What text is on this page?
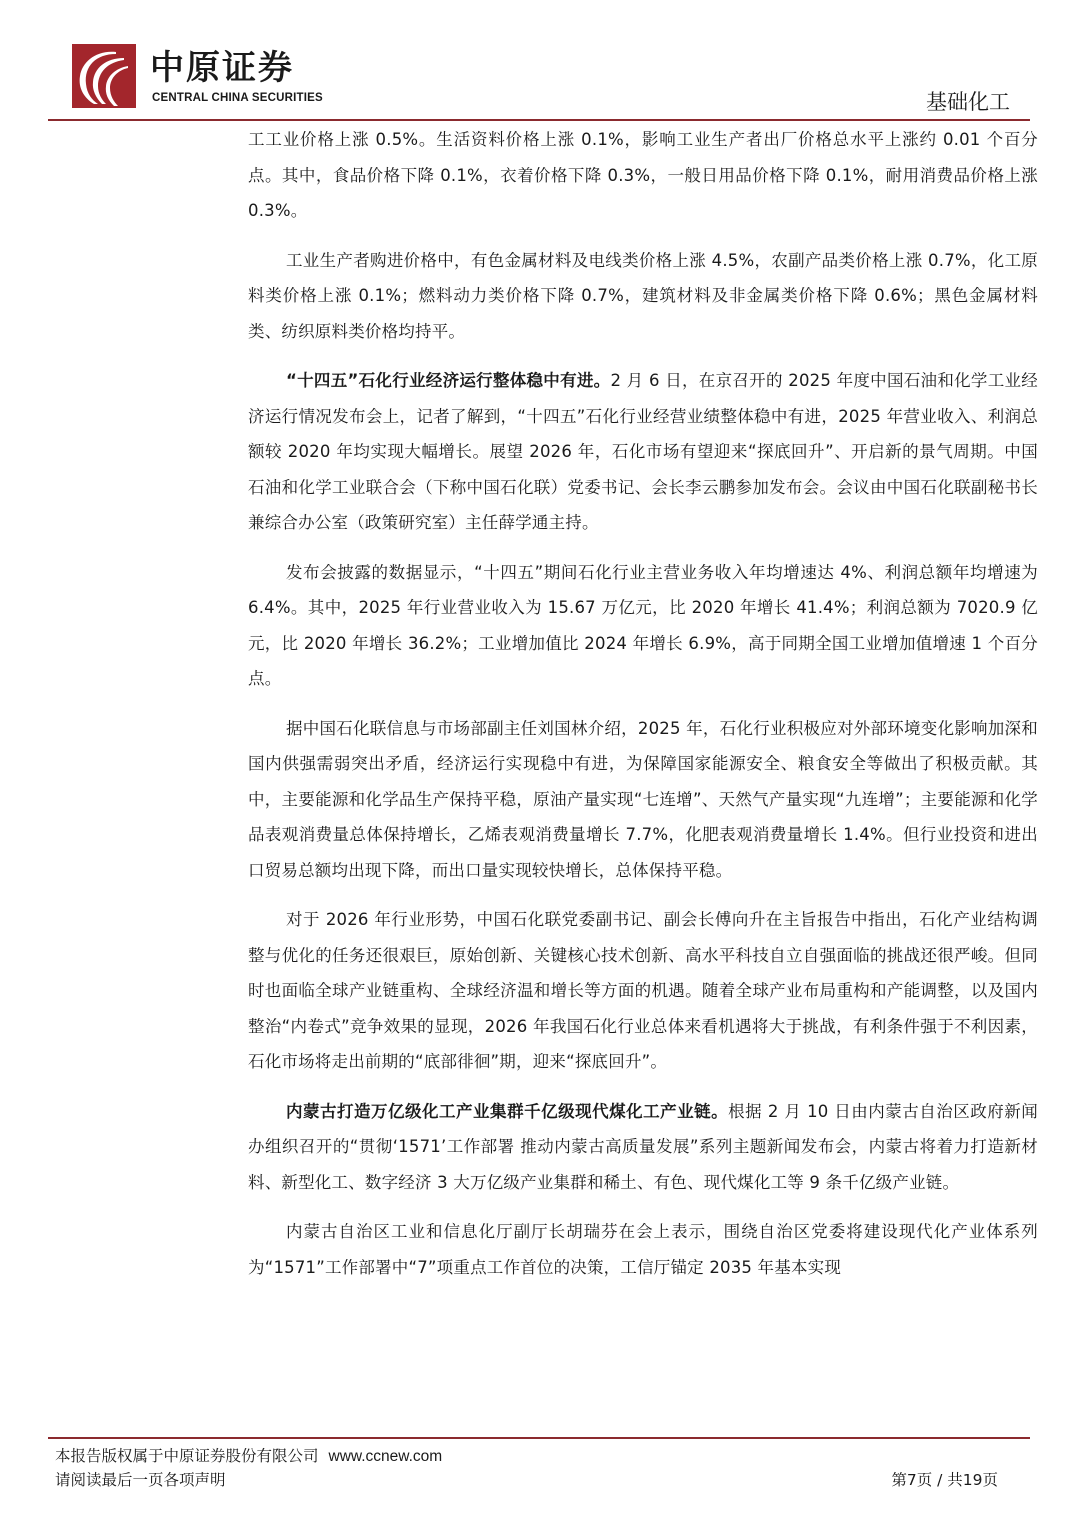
中原证券
CENTRAL CHINA SECURITIES	基础化工

工工业价格上涨 0.5%。生活资料价格上涨 0.1%，影响工业生产者出厂价格总水平上涨约 0.01 个百分点。其中，食品价格下降 0.1%，衣着价格下降 0.3%，一般日用品价格下降 0.1%，耐用消费品价格上涨 0.3%。

工业生产者购进价格中，有色金属材料及电线类价格上涨 4.5%，农副产品类价格上涨 0.7%，化工原料类价格上涨 0.1%；燃料动力类价格下降 0.7%，建筑材料及非金属类价格下降 0.6%；黑色金属材料类、纺织原料类价格均持平。

“十四五”石化行业经济运行整体稳中有进。2 月 6 日，在京召开的 2025 年度中国石油和化学工业经济运行情况发布会上，记者了解到，“十四五”石化行业经营业绩整体稳中有进，2025 年营业收入、利润总额较 2020 年均实现大幅增长。展望 2026 年，石化市场有望迎来“探底回升”、开启新的景气周期。中国石油和化学工业联合会（下称中国石化联）党委书记、会长李云鹏参加发布会。会议由中国石化联副秘书长兼综合办公室（政策研究室）主任薛学通主持。

发布会披露的数据显示，“十四五”期间石化行业主营业务收入年均增速达 4%、利润总额年均增速为 6.4%。其中，2025 年行业营业收入为 15.67 万亿元，比 2020 年增长 41.4%；利润总额为 7020.9 亿元，比 2020 年增长 36.2%；工业增加值比 2024 年增长 6.9%，高于同期全国工业增加值增速 1 个百分点。

据中国石化联信息与市场部副主任刘国林介绍，2025 年，石化行业积极应对外部环境变化影响加深和国内供强需弱突出矛盾，经济运行实现稳中有进，为保障国家能源安全、粮食安全等做出了积极贡献。其中，主要能源和化学品生产保持平稳，原油产量实现“七连增”、天然气产量实现“九连增”；主要能源和化学品表观消费量总体保持增长，乙烯表观消费量增长 7.7%，化肥表观消费量增长 1.4%。但行业投资和进出口贸易总额均出现下降，而出口量实现较快增长，总体保持平稳。

对于 2026 年行业形势，中国石化联党委副书记、副会长傅向升在主旨报告中指出，石化产业结构调整与优化的任务还很艰巨，原始创新、关键核心技术创新、高水平科技自立自强面临的挑战还很严峻。但同时也面临全球产业链重构、全球经济温和增长等方面的机遇。随着全球产业布局重构和产能调整，以及国内整治“内卷式”竞争效果的显现，2026 年我国石化行业总体来看机遇将大于挑战，有利条件强于不利因素，石化市场将走出前期的“底部徘徊”期，迎来“探底回升”。

内蒙古打造万亿级化工产业集群千亿级现代煤化工产业链。根据 2 月 10 日由内蒙古自治区政府新闻办组织召开的“贯彻‘1571’工作部署 推动内蒙古高质量发展”系列主题新闻发布会，内蒙古将着力打造新材料、新型化工、数字经济 3 大万亿级产业集群和稀土、有色、现代煤化工等 9 条千亿级产业链。

内蒙古自治区工业和信息化厅副厅长胡瑞芬在会上表示，围绕自治区党委将建设现代化产业体系列为“1571”工作部署中“7”项重点工作首位的决策，工信厅锚定 2035 年基本实现

本报告版权属于中原证券股份有限公司 www.ccnew.com
请阅读最后一页各项声明	第7页 / 共19页
